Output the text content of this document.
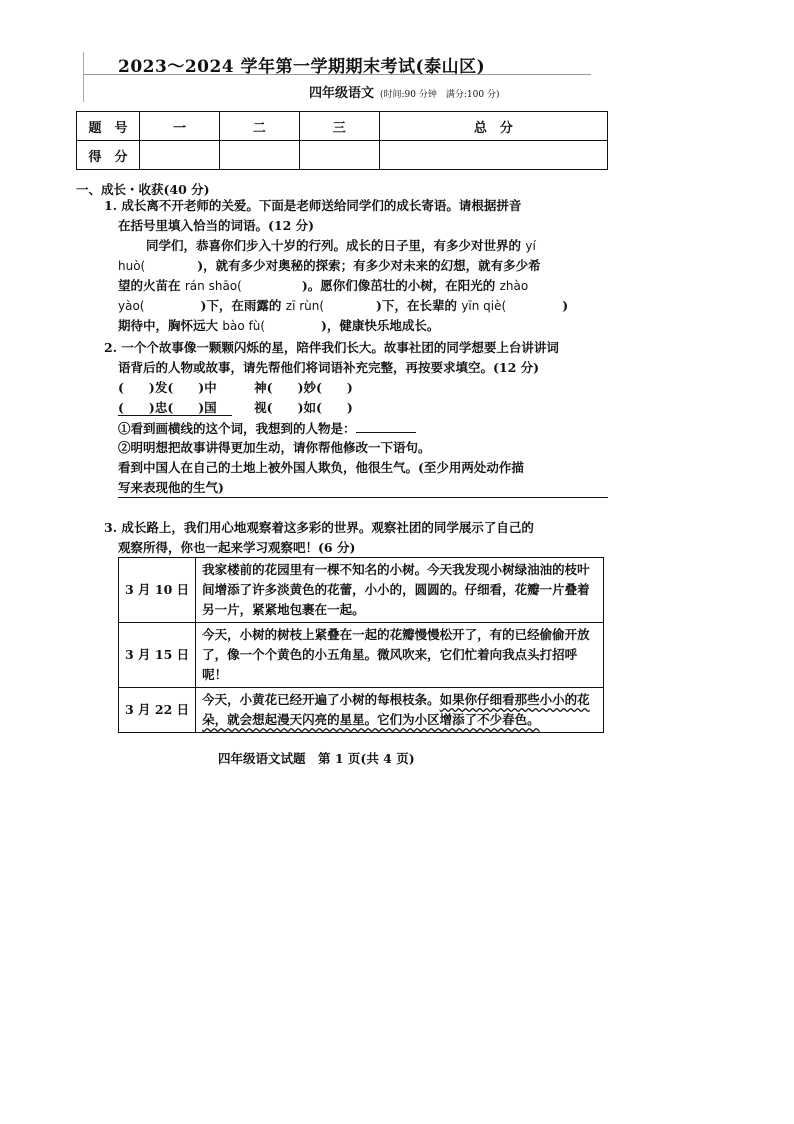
2023～2024 学年第一学期期末考试(泰山区)
四年级语文 (时间:90 分钟　满分:100 分)
题　号	一	二	三	总　分
得　分				
一、成长・收获(40 分)
1. 成长离不开老师的关爱。下面是老师送给同学们的成长寄语。请根据拼音
在括号里填入恰当的词语。(12 分)
同学们，恭喜你们步入十岁的行列。成长的日子里，有多少对世界的 yí
huò(	)，就有多少对奥秘的探索；有多少对未来的幻想，就有多少希
望的火苗在 rán shāo(	)。愿你们像茁壮的小树，在阳光的 zhào
yào(	)下，在雨露的 zī rùn(	)下，在长辈的 yīn qiè(	)
期待中，胸怀远大 bào fù(	)，健康快乐地成长。
2. 一个个故事像一颗颗闪烁的星，陪伴我们长大。故事社团的同学想要上台讲讲词
语背后的人物或故事，请先帮他们将词语补充完整，再按要求填空。(12 分)
(　　)发(　　)中　　　神(　　)妙(　　)
(　　)忠(　　)国　　　视(　　)如(　　)
①看到画横线的这个词，我想到的人物是：
②明明想把故事讲得更加生动，请你帮他修改一下语句。
看到中国人在自己的土地上被外国人欺负，他很生气。(至少用两处动作描
写来表现他的生气)
3. 成长路上，我们用心地观察着这多彩的世界。观察社团的同学展示了自己的
观察所得，你也一起来学习观察吧！(6 分)
3 月 10 日	我家楼前的花园里有一棵不知名的小树。今天我发现小树绿油油的枝叶间增添了许多淡黄色的花蕾，小小的，圆圆的。仔细看，花瓣一片叠着另一片，紧紧地包裹在一起。
3 月 15 日	今天，小树的树枝上紧叠在一起的花瓣慢慢松开了，有的已经偷偷开放了，像一个个黄色的小五角星。微风吹来，它们忙着向我点头打招呼呢！
3 月 22 日	今天，小黄花已经开遍了小树的每根枝条。如果你仔细看那些小小的花朵，就会想起漫天闪亮的星星。它们为小区增添了不少春色。
四年级语文试题　第 1 页(共 4 页)
